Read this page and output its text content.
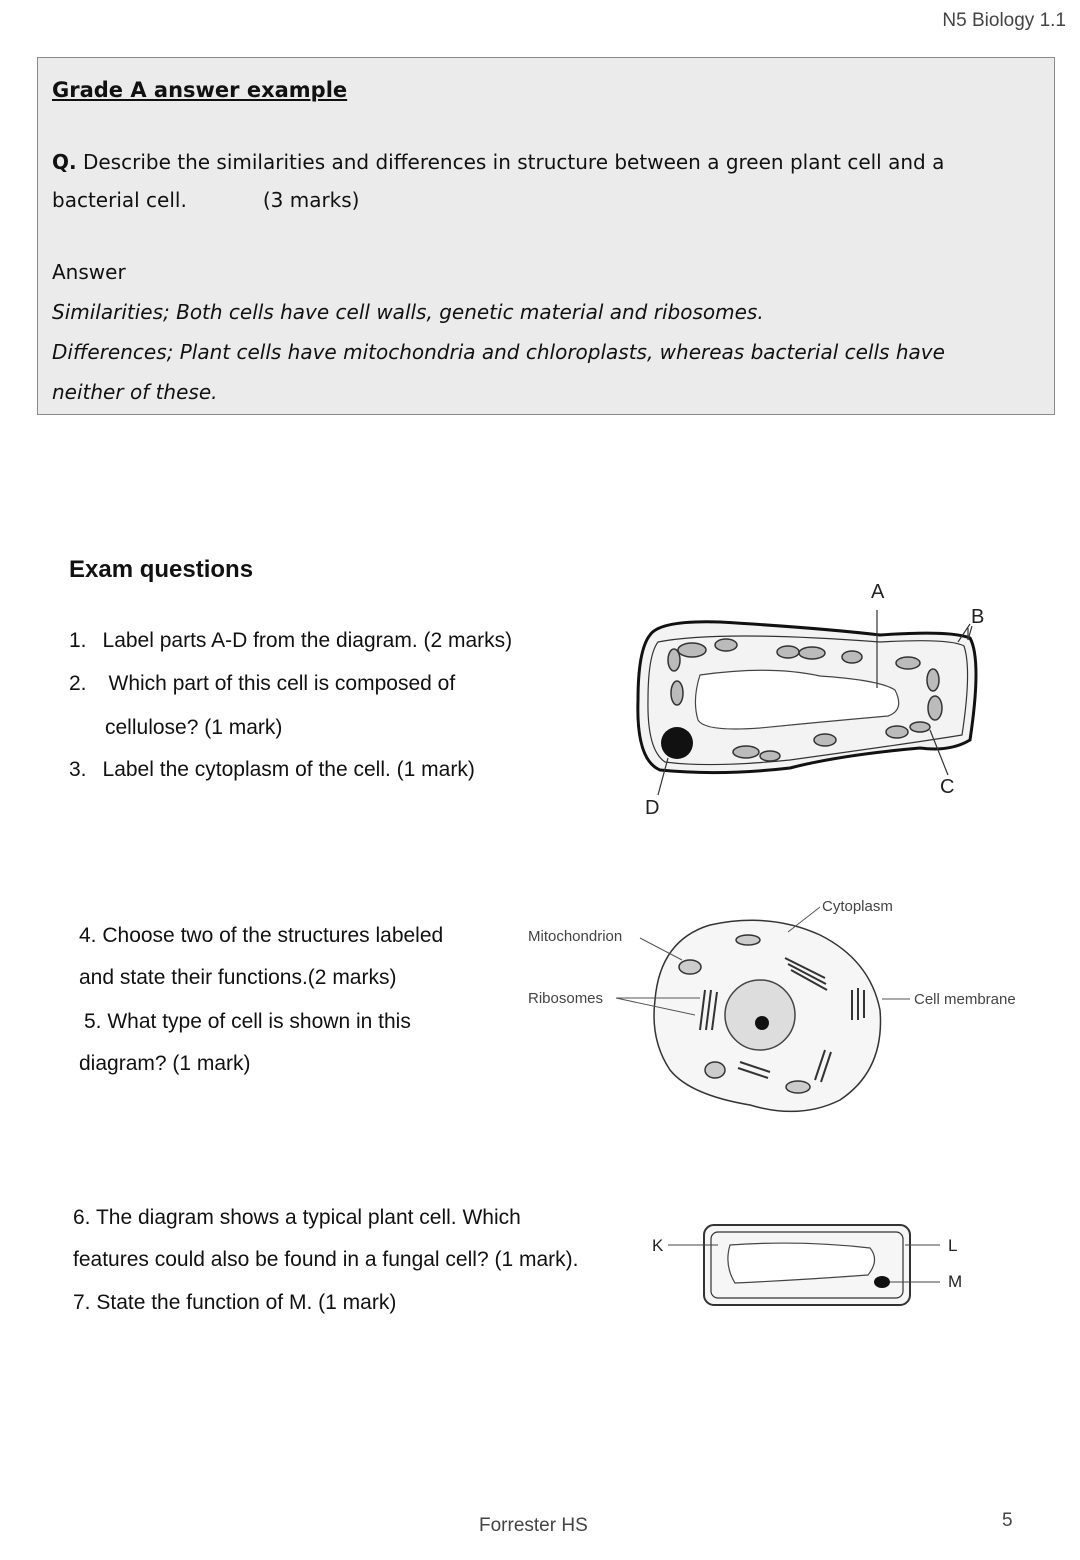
N5 Biology 1.1
Grade A answer example
Q. Describe the similarities and differences in structure between a green plant cell and a
bacterial cell.	(3 marks)
Answer
Similarities; Both cells have cell walls, genetic material and ribosomes.
Differences; Plant cells have mitochondria and chloroplasts, whereas bacterial cells have
neither of these.
Exam questions
1. Label parts A-D from the diagram. (2 marks)
2. Which part of this cell is composed of
cellulose? (1 mark)
3. Label the cytoplasm of the cell. (1 mark)
A
B
C
D
4. Choose two of the structures labeled
and state their functions.(2 marks)
5. What type of cell is shown in this
diagram? (1 mark)
Cytoplasm
Mitochondrion
Ribosomes	Cell membrane
6. The diagram shows a typical plant cell. Which
features could also be found in a fungal cell? (1 mark).
7. State the function of M. (1 mark)
K	L
M
Forrester HS	5
